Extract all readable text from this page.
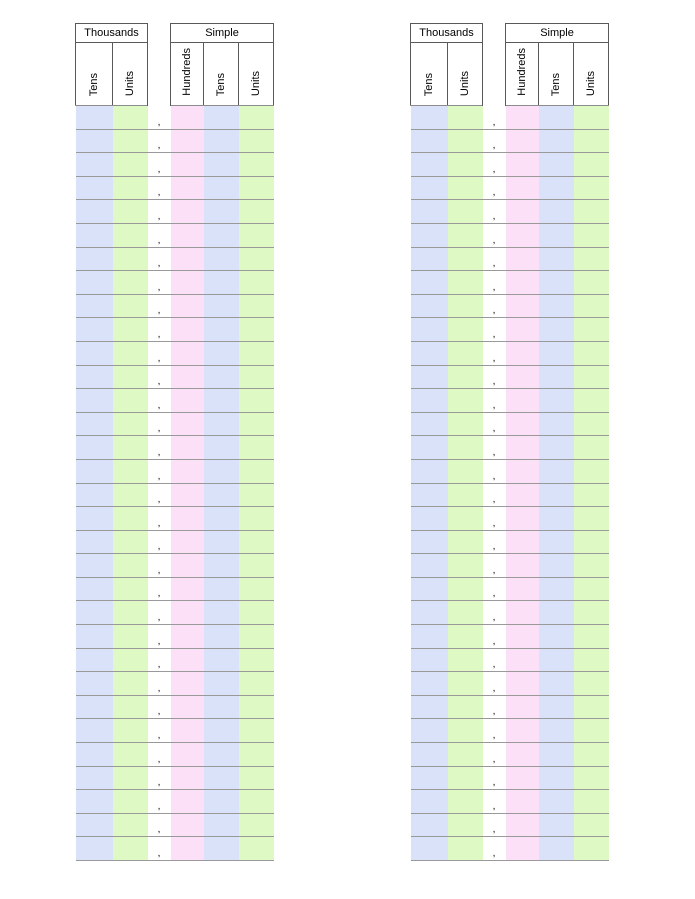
Thousands			Simple		
Tens	Units		Hundreds	Tens	Units
		,			
		,			
		,			
		,			
		,			
		,			
		,			
		,			
		,			
		,			
		,			
		,			
		,			
		,			
		,			
		,			
		,			
		,			
		,			
		,			
		,			
		,			
		,			
		,			
		,			
		,			
		,			
		,			
		,			
		,			
		,			
		,			
Thousands			Simple		
Tens	Units		Hundreds	Tens	Units
		,			
		,			
		,			
		,			
		,			
		,			
		,			
		,			
		,			
		,			
		,			
		,			
		,			
		,			
		,			
		,			
		,			
		,			
		,			
		,			
		,			
		,			
		,			
		,			
		,			
		,			
		,			
		,			
		,			
		,			
		,			
		,			
